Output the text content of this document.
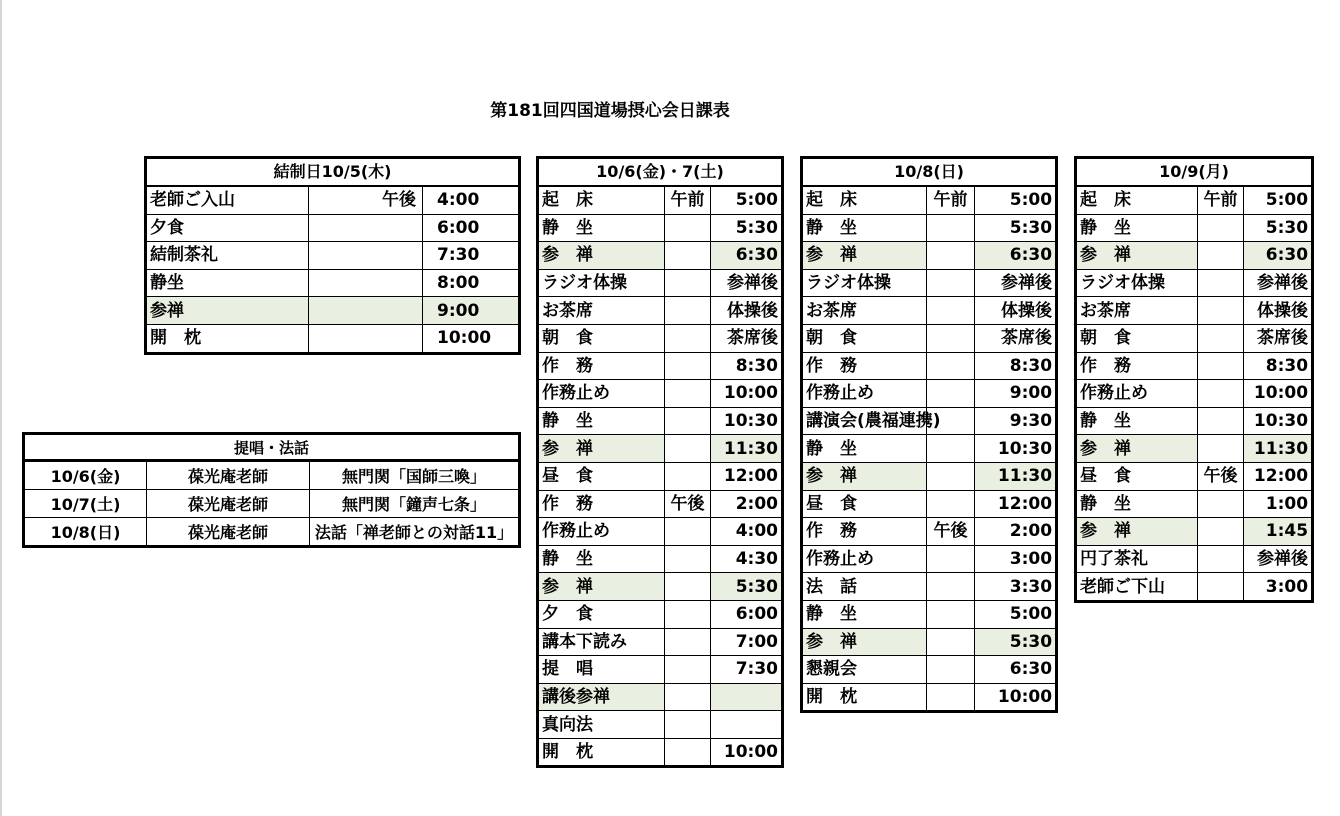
第181回四国道場摂心会日課表
結制日10/5(木)		
老師ご入山	午後	4:00
夕食		6:00
結制茶礼		7:30
静坐		8:00
参禅		9:00
開　枕		10:00
10/6(金)・7(土)		
起　床	午前	5:00
静　坐		5:30
参　禅		6:30
ラジオ体操		参禅後
お茶席		体操後
朝　食		茶席後
作　務		8:30
作務止め		10:00
静　坐		10:30
参　禅		11:30
昼　食		12:00
作　務	午後	2:00
作務止め		4:00
静　坐		4:30
参　禅		5:30
夕　食		6:00
講本下読み		7:00
提　唱		7:30
講後参禅		
真向法		
開　枕		10:00
10/8(日)		
起　床	午前	5:00
静　坐		5:30
参　禅		6:30
ラジオ体操		参禅後
お茶席		体操後
朝　食		茶席後
作　務		8:30
作務止め		9:00
講演会(農福連携)		9:30
静　坐		10:30
参　禅		11:30
昼　食		12:00
作　務	午後	2:00
作務止め		3:00
法　話		3:30
静　坐		5:00
参　禅		5:30
懇親会		6:30
開　枕		10:00
10/9(月)		
起　床	午前	5:00
静　坐		5:30
参　禅		6:30
ラジオ体操		参禅後
お茶席		体操後
朝　食		茶席後
作　務		8:30
作務止め		10:00
静　坐		10:30
参　禅		11:30
昼　食	午後	12:00
静　坐		1:00
参　禅		1:45
円了茶礼		参禅後
老師ご下山		3:00
提唱・法話		
10/6(金)	葆光庵老師	無門関「国師三喚」
10/7(土)	葆光庵老師	無門関「鐘声七条」
10/8(日)	葆光庵老師	法話「禅老師との対話11」
